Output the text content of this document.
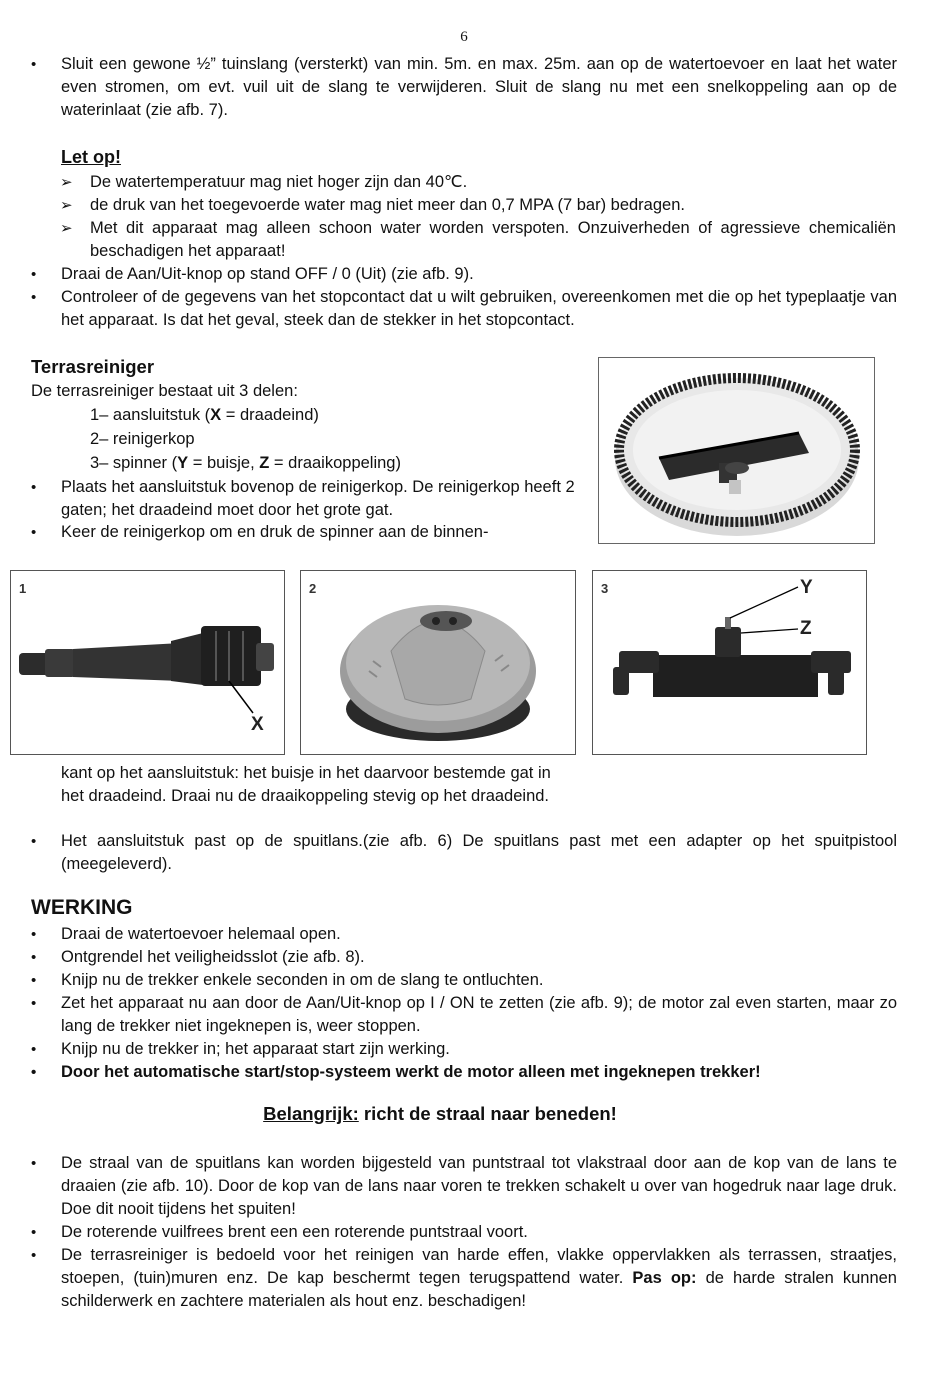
6
• Sluit een gewone ½” tuinslang (versterkt) van min. 5m. en max. 25m. aan op de watertoevoer en laat het water even stromen, om evt. vuil uit de slang te verwijderen. Sluit de slang nu met een snelkoppeling aan op de waterinlaat (zie afb. 7).
Let op!
➢ De watertemperatuur mag niet hoger zijn dan 40℃.
➢ de druk van het toegevoerde water mag niet meer dan 0,7 MPA (7 bar) bedragen.
➢ Met dit apparaat mag alleen schoon water worden verspoten. Onzuiverheden of agressieve chemicaliën beschadigen het apparaat!
• Draai de Aan/Uit-knop op stand OFF / 0 (Uit) (zie afb. 9).
• Controleer of de gegevens van het stopcontact dat u wilt gebruiken, overeenkomen met die op het typeplaatje van het apparaat. Is dat het geval, steek dan de stekker in het stopcontact.
Terrasreiniger
De terrasreiniger bestaat uit 3 delen:
1– aansluitstuk (X = draadeind)
2– reinigerkop
3– spinner (Y = buisje, Z = draaikoppeling)
• Plaats het aansluitstuk bovenop de reinigerkop. De reinigerkop heeft 2 gaten; het draadeind moet door het grote gat.
• Keer de reinigerkop om en druk de spinner aan de binnen-
1
X
2	3	Y
Z
kant op het aansluitstuk: het buisje in het daarvoor bestemde gat in het draadeind. Draai nu de draaikoppeling stevig op het draadeind.
• Het aansluitstuk past op de spuitlans.(zie afb. 6) De spuitlans past met een adapter op het spuitpistool (meegeleverd).
WERKING
• Draai de watertoevoer helemaal open.
• Ontgrendel het veiligheidsslot (zie afb. 8).
• Knijp nu de trekker enkele seconden in om de slang te ontluchten.
• Zet het apparaat nu aan door de Aan/Uit-knop op I / ON te zetten (zie afb. 9); de motor zal even starten, maar zo lang de trekker niet ingeknepen is, weer stoppen.
• Knijp nu de trekker in; het apparaat start zijn werking.
• Door het automatische start/stop-systeem werkt de motor alleen met ingeknepen trekker!
Belangrijk: richt de straal naar beneden!
• De straal van de spuitlans kan worden bijgesteld van puntstraal tot vlakstraal door aan de kop van de lans te draaien (zie afb. 10). Door de kop van de lans naar voren te trekken schakelt u over van hogedruk naar lage druk. Doe dit nooit tijdens het spuiten!
• De roterende vuilfrees brent een een roterende puntstraal voort.
• De terrasreiniger is bedoeld voor het reinigen van harde effen, vlakke oppervlakken als terrassen, straatjes, stoepen, (tuin)muren enz. De kap beschermt tegen terugspattend water. Pas op: de harde stralen kunnen schilderwerk en zachtere materialen als hout enz. beschadigen!
